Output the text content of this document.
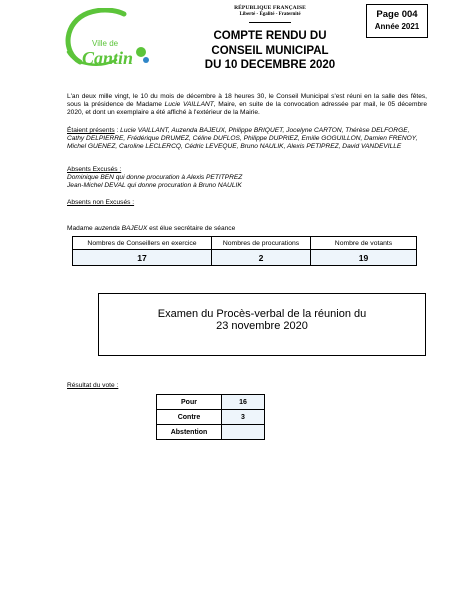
Ville de
Cantin
RÉPUBLIQUE FRANÇAISE
Liberté - Égalité - Fraternité
COMPTE RENDU DU
CONSEIL MUNICIPAL
DU 10 DECEMBRE 2020
Page 004
Année 2021
L'an deux mille vingt, le 10 du mois de décembre à 18 heures 30, le Conseil Municipal s'est réuni en la salle des fêtes, sous la présidence de Madame Lucie VAILLANT, Maire, en suite de la convocation adressée par mail, le 05 décembre 2020, et dont un exemplaire a été affiché à l'extérieur de la Mairie.
Étaient présents : Lucie VAILLANT, Auzenda BAJEUX, Philippe BRIQUET, Jocelyne CARTON, Thérèse DELFORGE, Cathy DELPIERRE, Frédérique DRUMEZ, Céline DUFLOS, Philippe DUPRIEZ, Emilie GOGUILLON, Damien FRENOY, Michel GUENEZ, Caroline LECLERCQ, Cédric LEVEQUE, Bruno NAULIK, Alexis PETIPREZ, David VANDEVILLE
Absents Excusés :
Dominique BEN qui donne procuration à Alexis PETITPREZ
Jean-Michel DEVAL qui donne procuration à Bruno NAULIK
Absents non Excusés :
Madame auzenda BAJEUX est élue secrétaire de séance
Nombres de Conseillers en exercice	Nombres de procurations	Nombre de votants
17	2	19
Examen du Procès-verbal de la réunion du
23 novembre 2020
Résultat du vote :
Pour	16
Contre	3
Abstention	
